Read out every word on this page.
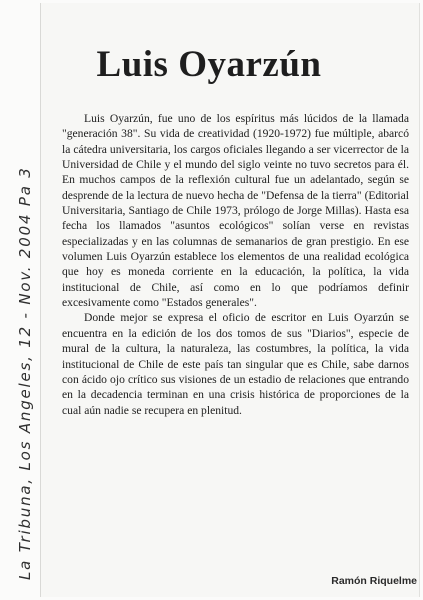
Luis Oyarzún

Luis Oyarzún, fue uno de los espíritus más lúcidos de la llamada "generación 38". Su vida de creatividad (1920-1972) fue múltiple, abarcó la cátedra universitaria, los cargos oficiales llegando a ser vicerrector de la Universidad de Chile y el mundo del siglo veinte no tuvo secretos para él. En muchos campos de la reflexión cultural fue un adelantado, según se desprende de la lectura de nuevo hecha de "Defensa de la tierra" (Editorial Universitaria, Santiago de Chile 1973, prólogo de Jorge Millas). Hasta esa fecha los llamados "asuntos ecológicos" solían verse en revistas especializadas y en las columnas de semanarios de gran prestigio. En ese volumen Luis Oyarzún establece los elementos de una realidad ecológica que hoy es moneda corriente en la educación, la política, la vida institucional de Chile, así como en lo que podríamos definir excesivamente como "Estados generales".

Donde mejor se expresa el oficio de escritor en Luis Oyarzún se encuentra en la edición de los dos tomos de sus "Diarios", especie de mural de la cultura, la naturaleza, las costumbres, la política, la vida institucional de Chile de este país tan singular que es Chile, sabe darnos con ácido ojo crítico sus visiones de un estadio de relaciones que entrando en la decadencia terminan en una crisis histórica de proporciones de la cual aún nadie se recupera en plenitud.

Ramón Riquelme
La Tribuna, Los Angeles, 12 - Nov. 2004 Pa 3
